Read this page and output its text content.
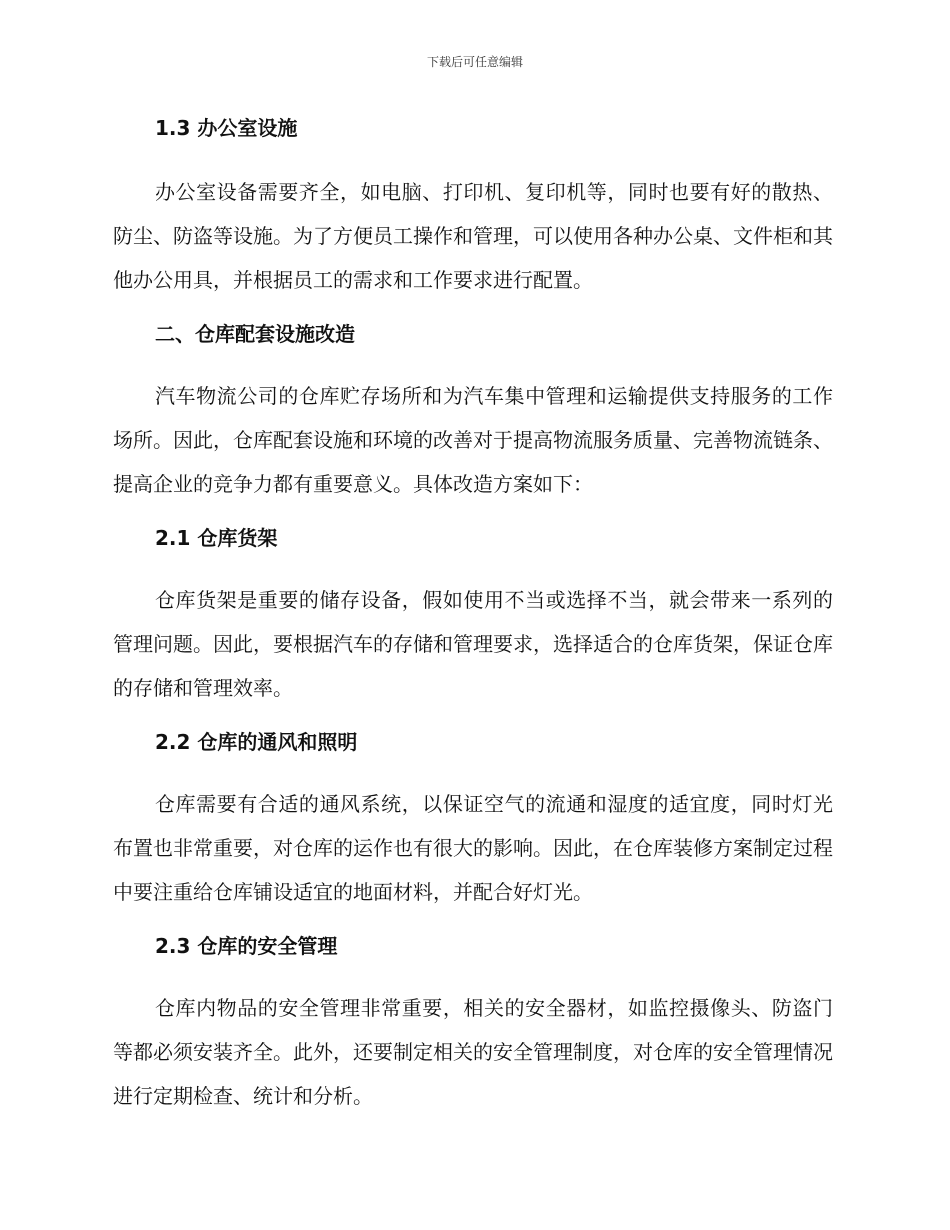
下载后可任意编辑
1.3 办公室设施

办公室设备需要齐全，如电脑、打印机、复印机等，同时也要有好的散热、防尘、防盗等设施。为了方便员工操作和管理，可以使用各种办公桌、文件柜和其他办公用具，并根据员工的需求和工作要求进行配置。

二、仓库配套设施改造

汽车物流公司的仓库贮存场所和为汽车集中管理和运输提供支持服务的工作场所。因此，仓库配套设施和环境的改善对于提高物流服务质量、完善物流链条、提高企业的竞争力都有重要意义。具体改造方案如下：

2.1 仓库货架

仓库货架是重要的储存设备，假如使用不当或选择不当，就会带来一系列的管理问题。因此，要根据汽车的存储和管理要求，选择适合的仓库货架，保证仓库的存储和管理效率。

2.2 仓库的通风和照明

仓库需要有合适的通风系统，以保证空气的流通和湿度的适宜度，同时灯光布置也非常重要，对仓库的运作也有很大的影响。因此，在仓库装修方案制定过程中要注重给仓库铺设适宜的地面材料，并配合好灯光。

2.3 仓库的安全管理

仓库内物品的安全管理非常重要，相关的安全器材，如监控摄像头、防盗门等都必须安装齐全。此外，还要制定相关的安全管理制度，对仓库的安全管理情况进行定期检查、统计和分析。
